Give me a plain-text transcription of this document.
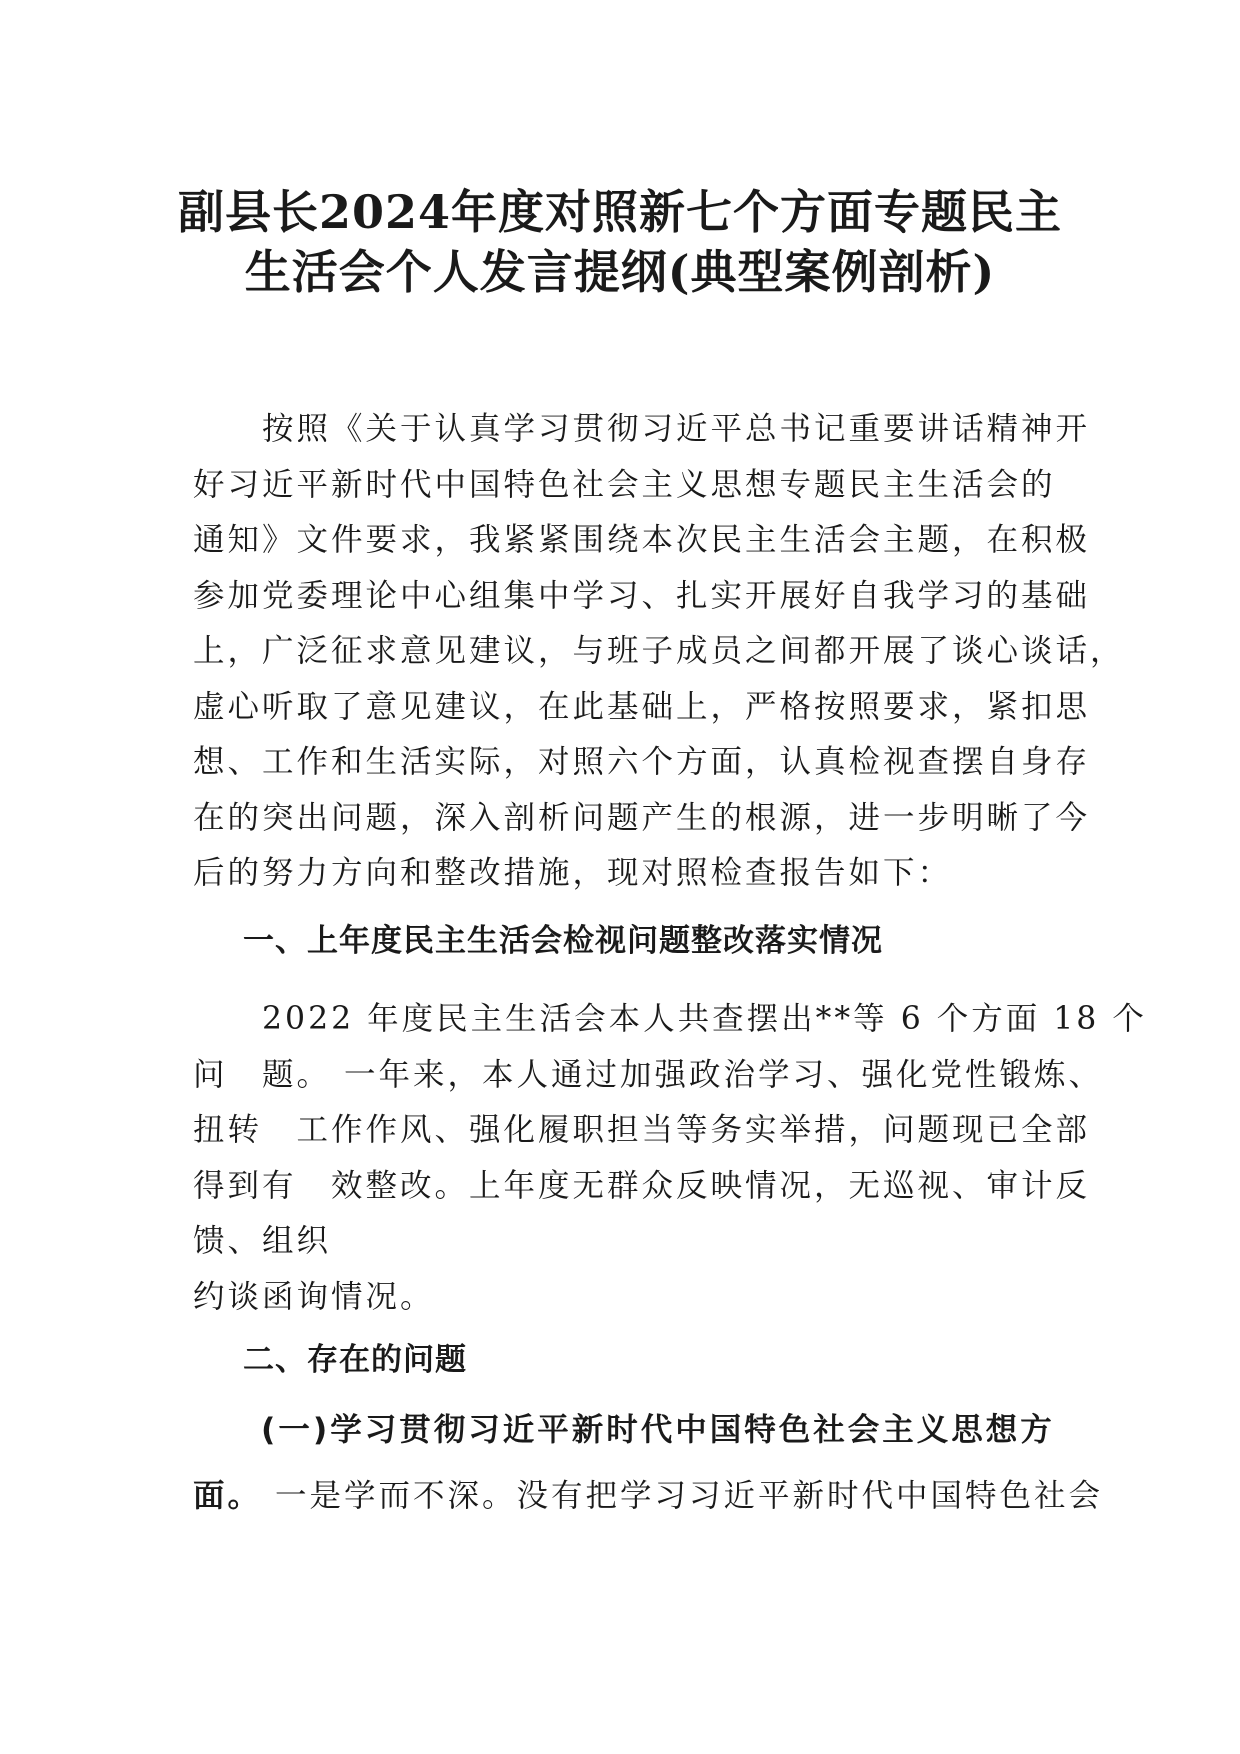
副县长2024年度对照新七个方面专题民主
生活会个人发言提纲(典型案例剖析)
　　按照《关于认真学习贯彻习近平总书记重要讲话精神开
好习近平新时代中国特色社会主义思想专题民主生活会的
通知》文件要求，我紧紧围绕本次民主生活会主题，在积极
参加党委理论中心组集中学习、扎实开展好自我学习的基础
上，广泛征求意见建议，与班子成员之间都开展了谈心谈话，
虚心听取了意见建议，在此基础上，严格按照要求，紧扣思
想、工作和生活实际，对照六个方面，认真检视查摆自身存
在的突出问题，深入剖析问题产生的根源，进一步明晰了今
后的努力方向和整改措施，现对照检查报告如下：
一、上年度民主生活会检视问题整改落实情况
　　2022 年度民主生活会本人共查摆出**等 6 个方面 18 个
问　题。 一年来，本人通过加强政治学习、强化党性锻炼、
扭转　工作作风、强化履职担当等务实举措，问题现已全部
得到有　效整改。上年度无群众反映情况，无巡视、审计反
馈、组织
约谈函询情况。
二、存在的问题
(一)学习贯彻习近平新时代中国特色社会主义思想方
面。 一是学而不深。没有把学习习近平新时代中国特色社会
